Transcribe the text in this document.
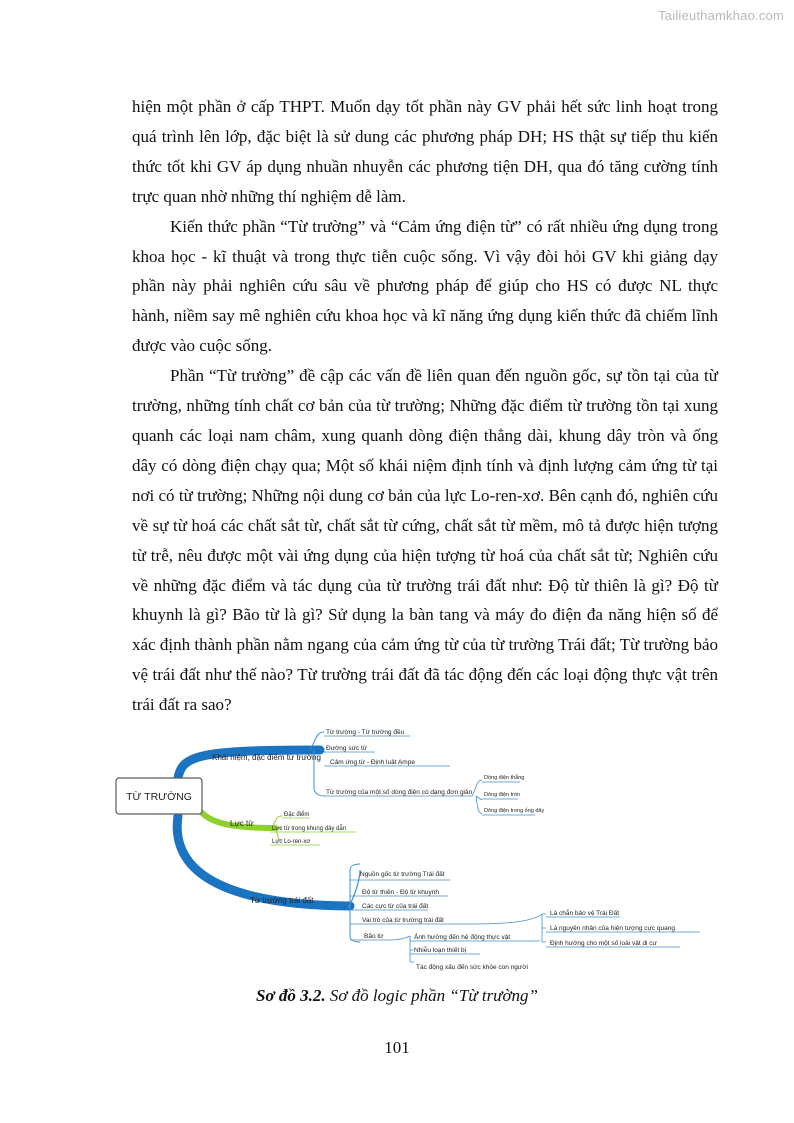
Tailieuthamkhao.com

hiện một phần ở cấp THPT. Muốn dạy tốt phần này GV phải hết sức linh hoạt trong quá trình lên lớp, đặc biệt là sử dung các phương pháp DH; HS thật sự tiếp thu kiến thức tốt khi GV áp dụng nhuần nhuyễn các phương tiện DH, qua đó tăng cường tính trực quan nhờ những thí nghiệm dễ làm.

Kiến thức phần “Từ trường” và “Cảm ứng điện từ” có rất nhiều ứng dụng trong khoa học - kĩ thuật và trong thực tiễn cuộc sống. Vì vậy đòi hỏi GV khi giảng dạy phần này phải nghiên cứu sâu về phương pháp để giúp cho HS có được NL thực hành, niềm say mê nghiên cứu khoa học và kĩ năng ứng dụng kiến thức đã chiếm lĩnh được vào cuộc sống.

Phần “Từ trường” đề cập các vấn đề liên quan đến nguồn gốc, sự tồn tại của từ trường, những tính chất cơ bản của từ trường; Những đặc điểm từ trường tồn tại xung quanh các loại nam châm, xung quanh dòng điện thẳng dài, khung dây tròn và ống dây có dòng điện chạy qua; Một số khái niệm định tính và định lượng cảm ứng từ tại nơi có từ trường; Những nội dung cơ bản của lực Lo-ren-xơ. Bên cạnh đó, nghiên cứu về sự từ hoá các chất sắt từ, chất sắt từ cứng, chất sắt từ mềm, mô tả được hiện tượng từ trễ, nêu được một vài ứng dụng của hiện tượng từ hoá của chất sắt từ; Nghiên cứu về những đặc điểm và tác dụng của từ trường trái đất như: Độ từ thiên là gì? Độ từ khuynh là gì? Bão từ là gì? Sử dụng la bàn tang và máy đo điện đa năng hiện số để xác định thành phần nằm ngang của cảm ứng từ của từ trường Trái đất; Từ trường bảo vệ trái đất như thế nào? Từ trường trái đất đã tác động đến các loại động thực vật trên trái đất ra sao?

TỪ TRƯỜNG
Khái niệm, đặc điểm từ trường
Từ trường - Từ trường đều
Đường sức từ
Cảm ứng từ - Định luật Ampe
Từ trường của một số dòng điện có dạng đơn giản
Dòng điện thẳng
Dòng điện tròn
Dòng điện trong ống dây
Lực từ
Đặc điểm
Lực từ trong khung dây dẫn
Lực Lo-ren-xơ
Từ trường trái đất
Nguồn gốc từ trường Trái đất
Độ từ thiên - Độ từ khuynh
Các cực từ của trái đất
Vai trò của từ trường trái đất
Bão từ
Là chắn bảo vệ Trái Đất
Là nguyên nhân của hiện tượng cực quang
Định hướng cho một số loài vật di cư
Ảnh hưởng đến hệ động thực vật
Nhiễu loạn thiết bị
Tác động xấu đến sức khỏe con người
Sơ đồ 3.2. Sơ đồ logic phần “Từ trường”
101
